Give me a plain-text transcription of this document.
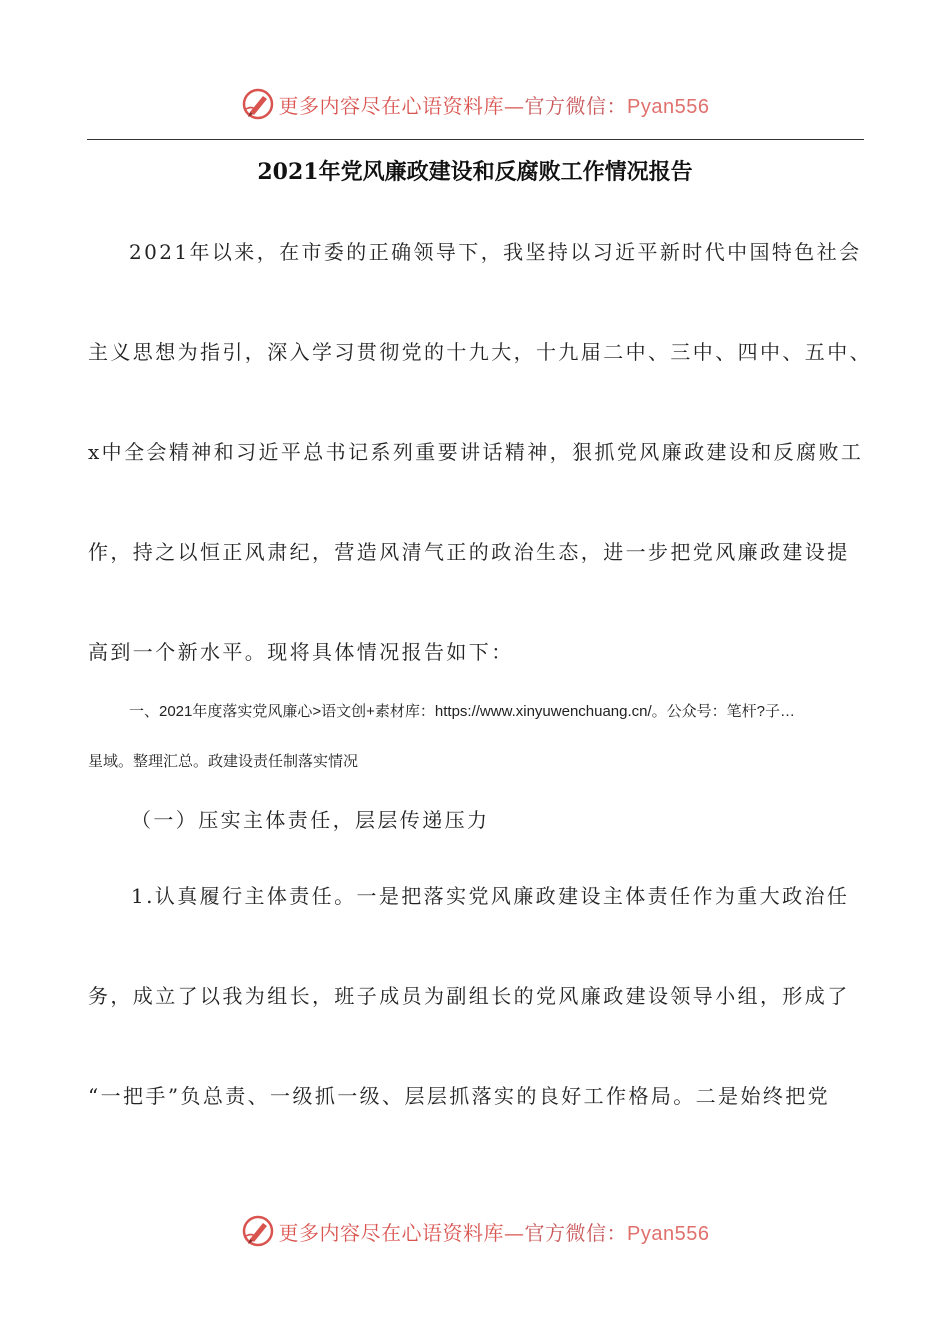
更多内容尽在心语资料库—官方微信：Pyan556
2021年党风廉政建设和反腐败工作情况报告
2021年以来，在市委的正确领导下，我坚持以习近平新时代中国特色社会
主义思想为指引，深入学习贯彻党的十九大，十九届二中、三中、四中、五中、
x中全会精神和习近平总书记系列重要讲话精神，狠抓党风廉政建设和反腐败工
作，持之以恒正风肃纪，营造风清气正的政治生态，进一步把党风廉政建设提
高到一个新水平。现将具体情况报告如下：
一、2021年度落实党风廉心>语文创+素材库：https://www.xinyuwenchuang.cn/。公众号：笔杆?子…
星域。整理汇总。政建设责任制落实情况
（一）压实主体责任，层层传递压力
1.认真履行主体责任。一是把落实党风廉政建设主体责任作为重大政治任
务，成立了以我为组长，班子成员为副组长的党风廉政建设领导小组，形成了
“一把手”负总责、一级抓一级、层层抓落实的良好工作格局。二是始终把党
更多内容尽在心语资料库—官方微信：Pyan556
